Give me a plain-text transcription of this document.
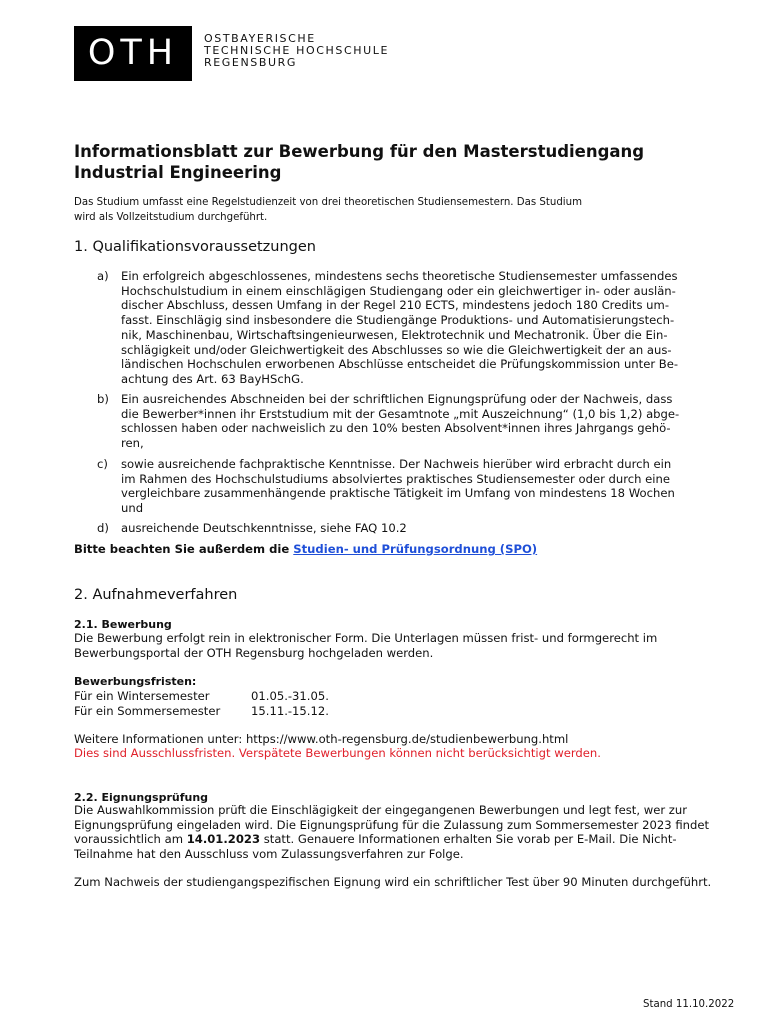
OTH OSTBAYERISCHE
TECHNISCHE HOCHSCHULE
REGENSBURG
Informationsblatt zur Bewerbung für den Masterstudiengang
Industrial Engineering
Das Studium umfasst eine Regelstudienzeit von drei theoretischen Studiensemestern. Das Studium
wird als Vollzeitstudium durchgeführt.
1. Qualifikationsvoraussetzungen
a)	Ein erfolgreich abgeschlossenes, mindestens sechs theoretische Studiensemester umfassendes
Hochschulstudium in einem einschlägigen Studiengang oder ein gleichwertiger in- oder auslän-
discher Abschluss, dessen Umfang in der Regel 210 ECTS, mindestens jedoch 180 Credits um-
fasst. Einschlägig sind insbesondere die Studiengänge Produktions- und Automatisierungstech-
nik, Maschinenbau, Wirtschaftsingenieurwesen, Elektrotechnik und Mechatronik. Über die Ein-
schlägigkeit und/oder Gleichwertigkeit des Abschlusses so wie die Gleichwertigkeit der an aus-
ländischen Hochschulen erworbenen Abschlüsse entscheidet die Prüfungskommission unter Be-
achtung des Art. 63 BayHSchG.
b)	Ein ausreichendes Abschneiden bei der schriftlichen Eignungsprüfung oder der Nachweis, dass
die Bewerber*innen ihr Erststudium mit der Gesamtnote „mit Auszeichnung“ (1,0 bis 1,2) abge-
schlossen haben oder nachweislich zu den 10% besten Absolvent*innen ihres Jahrgangs gehö-
ren,
c)	sowie ausreichende fachpraktische Kenntnisse. Der Nachweis hierüber wird erbracht durch ein
im Rahmen des Hochschulstudiums absolviertes praktisches Studiensemester oder durch eine
vergleichbare zusammenhängende praktische Tätigkeit im Umfang von mindestens 18 Wochen
und
d)	ausreichende Deutschkenntnisse, siehe FAQ 10.2
Bitte beachten Sie außerdem die Studien- und Prüfungsordnung (SPO)
2. Aufnahmeverfahren
2.1. Bewerbung
Die Bewerbung erfolgt rein in elektronischer Form. Die Unterlagen müssen frist- und formgerecht im
Bewerbungsportal der OTH Regensburg hochgeladen werden.
Bewerbungsfristen:
Für ein Wintersemester	01.05.-31.05.
Für ein Sommersemester	15.11.-15.12.
Weitere Informationen unter: https://www.oth-regensburg.de/studienbewerbung.html
Dies sind Ausschlussfristen. Verspätete Bewerbungen können nicht berücksichtigt werden.
2.2. Eignungsprüfung
Die Auswahlkommission prüft die Einschlägigkeit der eingegangenen Bewerbungen und legt fest, wer zur
Eignungsprüfung eingeladen wird. Die Eignungsprüfung für die Zulassung zum Sommersemester 2023 findet
voraussichtlich am 14.01.2023 statt. Genauere Informationen erhalten Sie vorab per E-Mail. Die Nicht-
Teilnahme hat den Ausschluss vom Zulassungsverfahren zur Folge.
Zum Nachweis der studiengangspezifischen Eignung wird ein schriftlicher Test über 90 Minuten durchgeführt.
Stand 11.10.2022
